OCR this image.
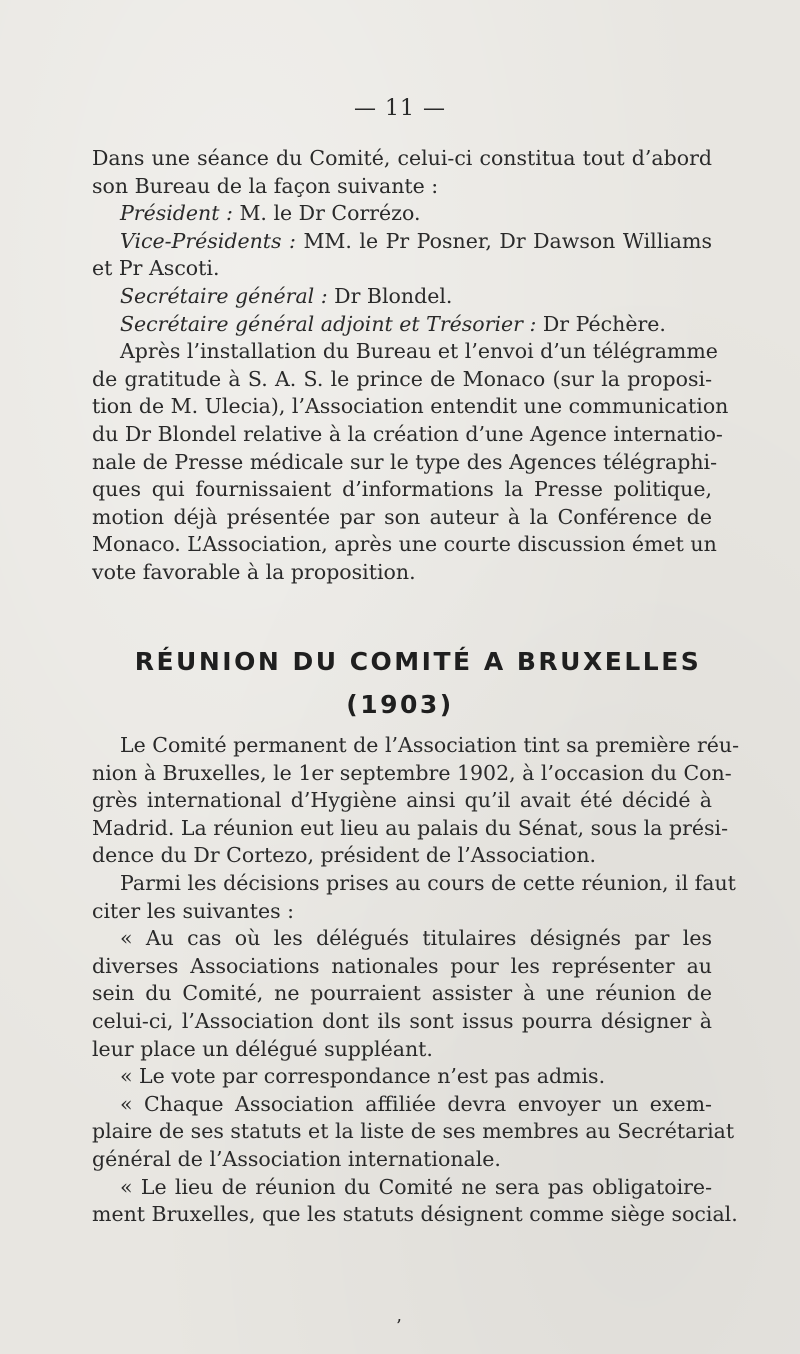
— 11 —
Dans une séance du Comité, celui-ci constitua tout d’abord
son Bureau de la façon suivante :
Président : M. le Dr Corrézo.
Vice-Présidents : MM. le Pr Posner, Dr Dawson Williams
et Pr Ascoti.
Secrétaire général : Dr Blondel.
Secrétaire général adjoint et Trésorier : Dr Péchère.
Après l’installation du Bureau et l’envoi d’un télégramme
de gratitude à S. A. S. le prince de Monaco (sur la proposi-
tion de M. Ulecia), l’Association entendit une communication
du Dr Blondel relative à la création d’une Agence internatio-
nale de Presse médicale sur le type des Agences télégraphi-
ques qui fournissaient d’informations la Presse politique,
motion déjà présentée par son auteur à la Conférence de
Monaco. L’Association, après une courte discussion émet un
vote favorable à la proposition.
RÉUNION DU COMITÉ A BRUXELLES
(1903)
Le Comité permanent de l’Association tint sa première réu-
nion à Bruxelles, le 1er septembre 1902, à l’occasion du Con-
grès international d’Hygiène ainsi qu’il avait été décidé à
Madrid. La réunion eut lieu au palais du Sénat, sous la prési-
dence du Dr Cortezo, président de l’Association.
Parmi les décisions prises au cours de cette réunion, il faut
citer les suivantes :
« Au cas où les délégués titulaires désignés par les
diverses Associations nationales pour les représenter au
sein du Comité, ne pourraient assister à une réunion de
celui-ci, l’Association dont ils sont issus pourra désigner à
leur place un délégué suppléant.
« Le vote par correspondance n’est pas admis.
« Chaque Association affiliée devra envoyer un exem-
plaire de ses statuts et la liste de ses membres au Secrétariat
général de l’Association internationale.
« Le lieu de réunion du Comité ne sera pas obligatoire-
ment Bruxelles, que les statuts désignent comme siège social.
’
